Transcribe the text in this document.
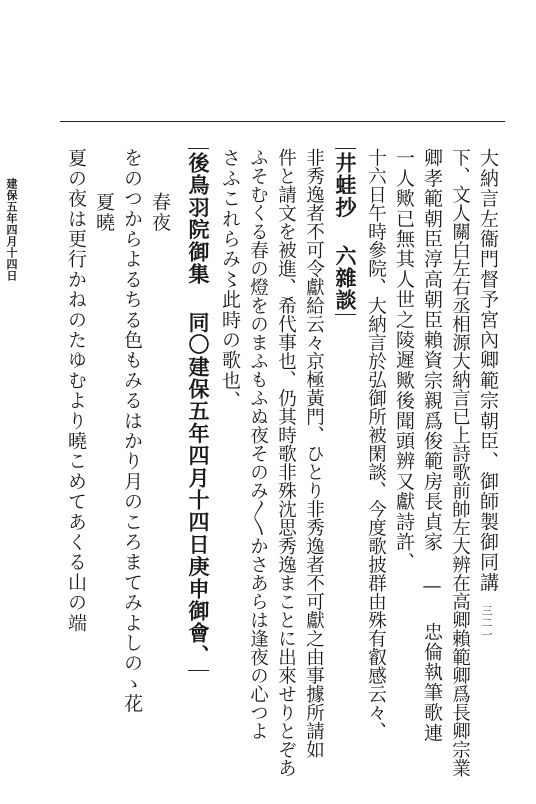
三二一
大納言左衞門督予宮內卿範宗朝臣、御師製御同講
下、文人關白左右丞相源大納言已上詩歌前帥左大辨在高卿賴範卿爲長卿宗業
卿孝範朝臣淳高朝臣賴資宗親爲俊範房長貞家 — 忠倫執筆歌連
一人歟已無其人世之陵遲歟後聞頭辨又獻詩許、
十六日午時參院、大納言於弘御所被閑談、今度歌披群由殊有叡感云々、
井蛙抄 六雜談
非秀逸者不可令獻給云々京極黃門、ひとり非秀逸者不可獻之由事據所請如
件と請文を被進、希代事也、仍其時歌非殊沈思秀逸まことに出來せりとぞあ
ふそむくる春の燈をのまふもふぬ夜そのみ〳〵かさあらは逢夜の心つよ
さふこれらみ〻此時の歌也、
後鳥羽院御集 同〇建保五年四月十四日庚申御會、
春夜
をのつからよるちる色もみるはかり月のころまてみよしのゝ花
夏曉
夏の夜は更行かねのたゆむより曉こめてあくる山の端
建保五年四月十四日
